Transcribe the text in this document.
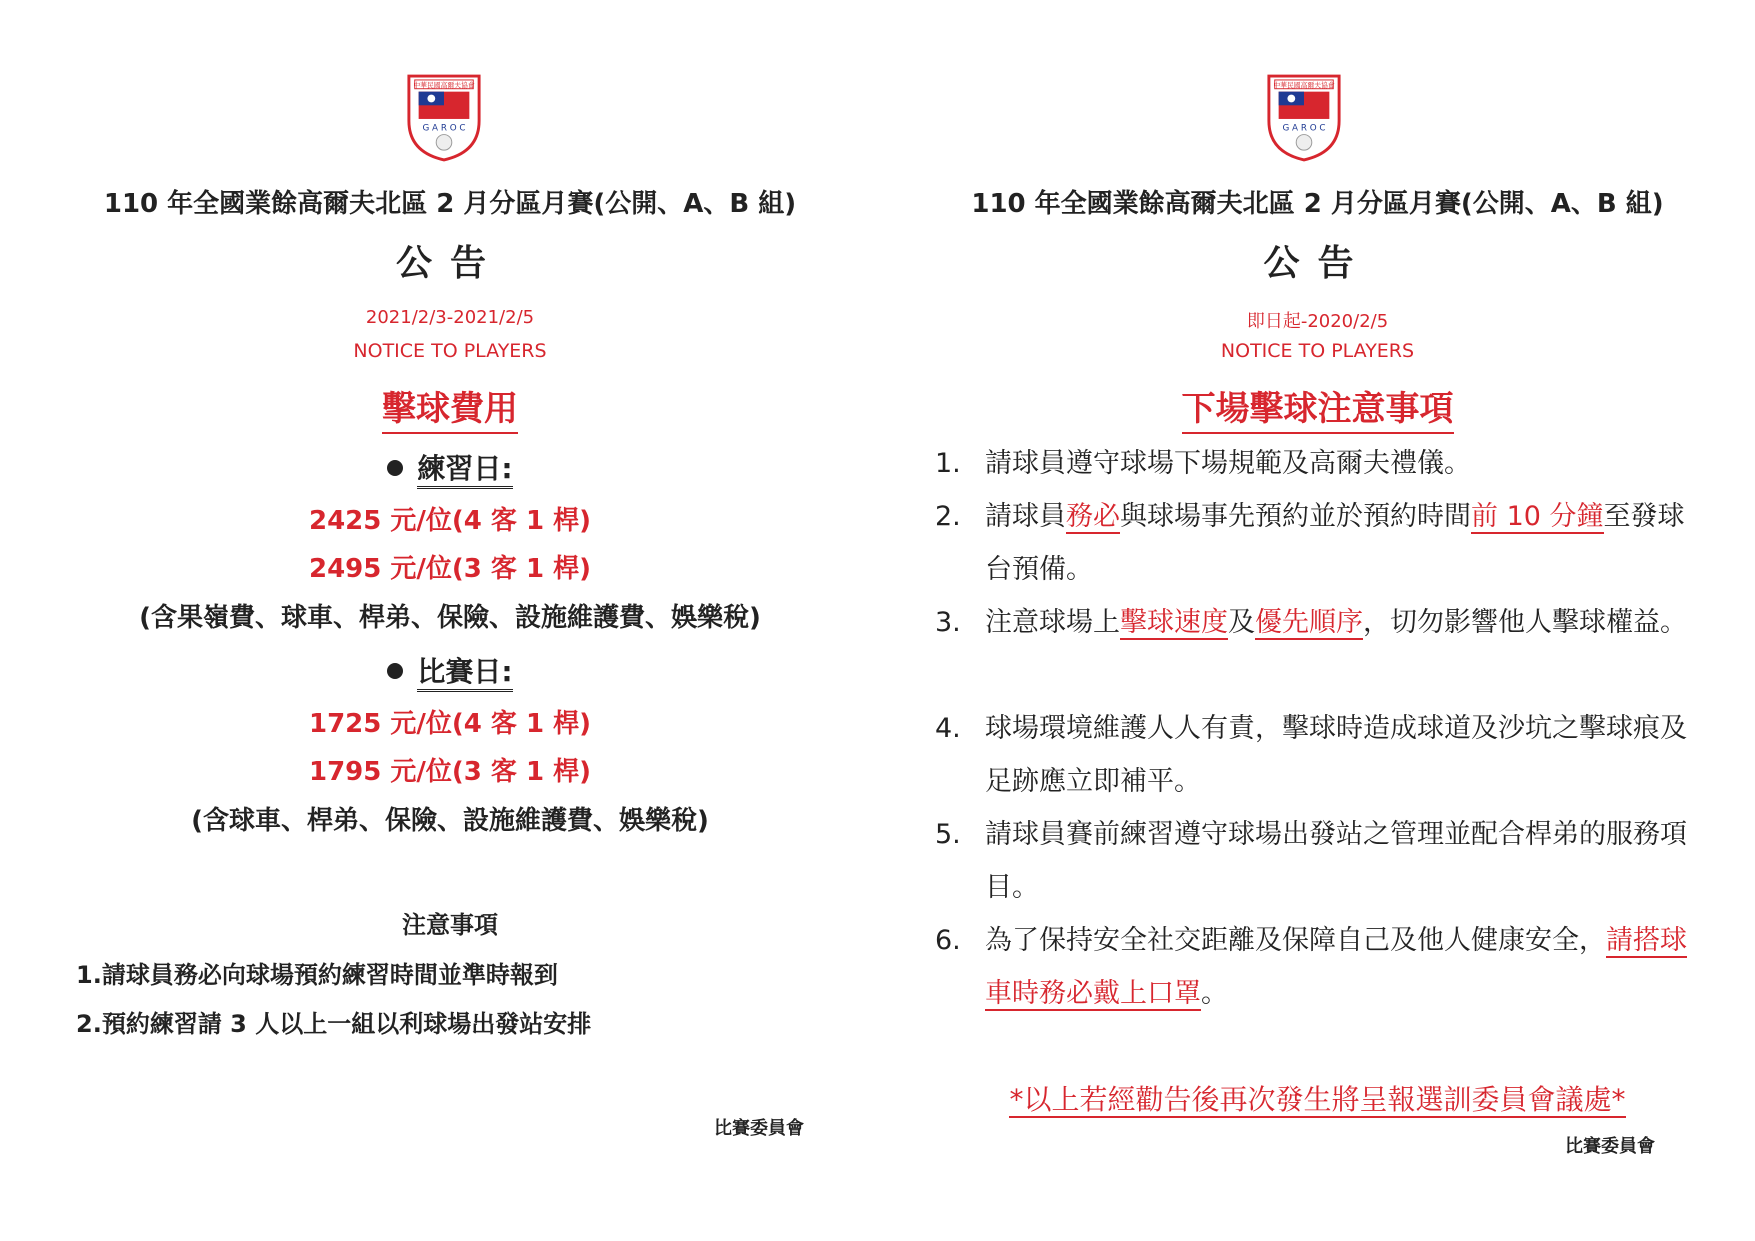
中華民國高爾夫協會
G A R O C
110 年全國業餘高爾夫北區 2 月分區月賽(公開、A、B 組)
公告
2021/2/3-2021/2/5
NOTICE TO PLAYERS
擊球費用
練習日:
2425 元/位(4 客 1 桿)
2495 元/位(3 客 1 桿)
(含果嶺費、球車、桿弟、保險、設施維護費、娛樂稅)
比賽日:
1725 元/位(4 客 1 桿)
1795 元/位(3 客 1 桿)
(含球車、桿弟、保險、設施維護費、娛樂稅)
注意事項
1.請球員務必向球場預約練習時間並準時報到
2.預約練習請 3 人以上一組以利球場出發站安排
比賽委員會
中華民國高爾夫協會
G A R O C
110 年全國業餘高爾夫北區 2 月分區月賽(公開、A、B 組)
公告
即日起-2020/2/5
NOTICE TO PLAYERS
下場擊球注意事項
1. 請球員遵守球場下場規範及高爾夫禮儀。
2. 請球員務必與球場事先預約並於預約時間前 10 分鐘至發球台預備。
3. 注意球場上擊球速度及優先順序，切勿影響他人擊球權益。
4. 球場環境維護人人有責，擊球時造成球道及沙坑之擊球痕及足跡應立即補平。
5. 請球員賽前練習遵守球場出發站之管理並配合桿弟的服務項目。
6. 為了保持安全社交距離及保障自己及他人健康安全，請搭球車時務必戴上口罩。
*以上若經勸告後再次發生將呈報選訓委員會議處*
比賽委員會
